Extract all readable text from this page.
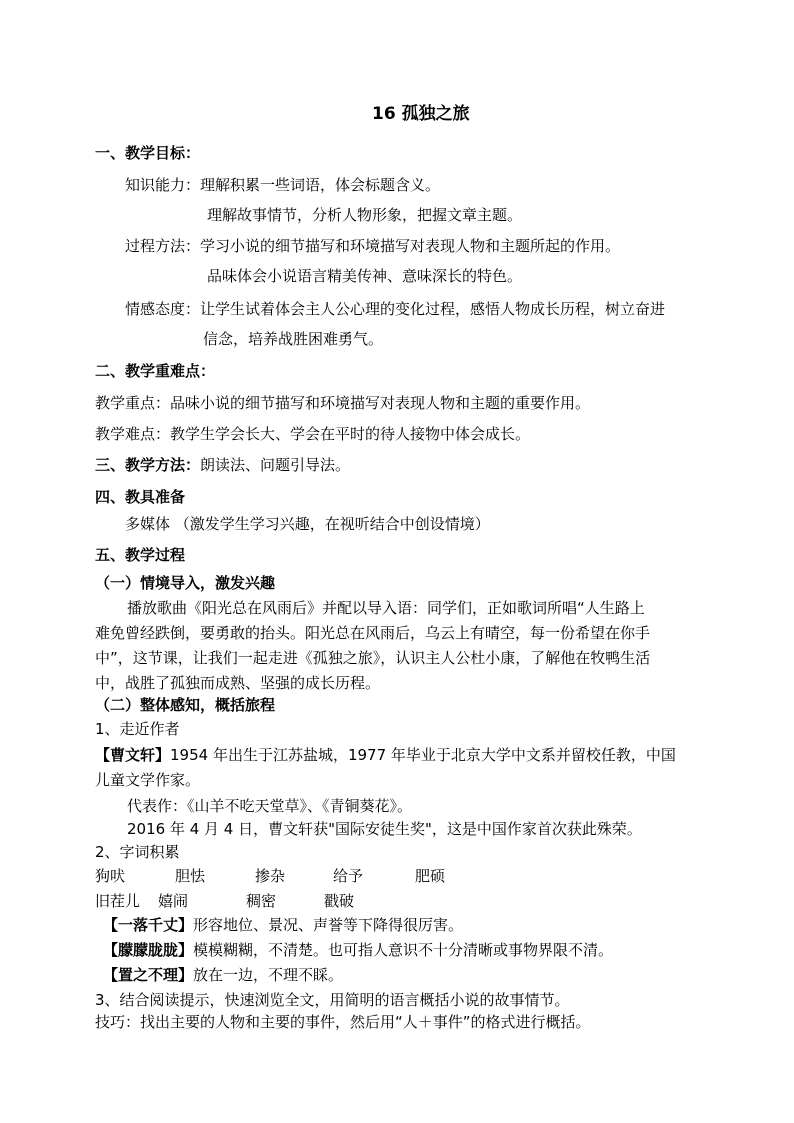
16 孤独之旅
一、教学目标：
知识能力：理解积累一些词语，体会标题含义。
理解故事情节，分析人物形象，把握文章主题。
过程方法：学习小说的细节描写和环境描写对表现人物和主题所起的作用。
品味体会小说语言精美传神、意味深长的特色。
情感态度：让学生试着体会主人公心理的变化过程，感悟人物成长历程，树立奋进
信念，培养战胜困难勇气。
二、教学重难点：
教学重点：品味小说的细节描写和环境描写对表现人物和主题的重要作用。
教学难点：教学生学会长大、学会在平时的待人接物中体会成长。
三、教学方法：朗读法、问题引导法。
四、教具准备
多媒体 （激发学生学习兴趣，在视听结合中创设情境）
五、教学过程
（一）情境导入，激发兴趣
播放歌曲《阳光总在风雨后》并配以导入语：同学们，正如歌词所唱“人生路上
难免曾经跌倒，要勇敢的抬头。阳光总在风雨后，乌云上有晴空，每一份希望在你手
中”，这节课，让我们一起走进《孤独之旅》，认识主人公杜小康，了解他在牧鸭生活
中，战胜了孤独而成熟、坚强的成长历程。
（二）整体感知，概括旅程
1、走近作者
【曹文轩】1954 年出生于江苏盐城，1977 年毕业于北京大学中文系并留校任教，中国
儿童文学作家。
代表作：《山羊不吃天堂草》、《青铜葵花》。
2016 年 4 月 4 日，曹文轩获"国际安徒生奖"，这是中国作家首次获此殊荣。
2、字词积累
狗吠	胆怯	掺杂	给予	肥硕
旧茬儿 嬉闹	稠密	戳破
【一落千丈】形容地位、景况、声誉等下降得很厉害。
【朦朦胧胧】模模糊糊，不清楚。也可指人意识不十分清晰或事物界限不清。
【置之不理】放在一边，不理不睬。
3、结合阅读提示，快速浏览全文，用简明的语言概括小说的故事情节。
技巧：找出主要的人物和主要的事件，然后用“人＋事件”的格式进行概括。
